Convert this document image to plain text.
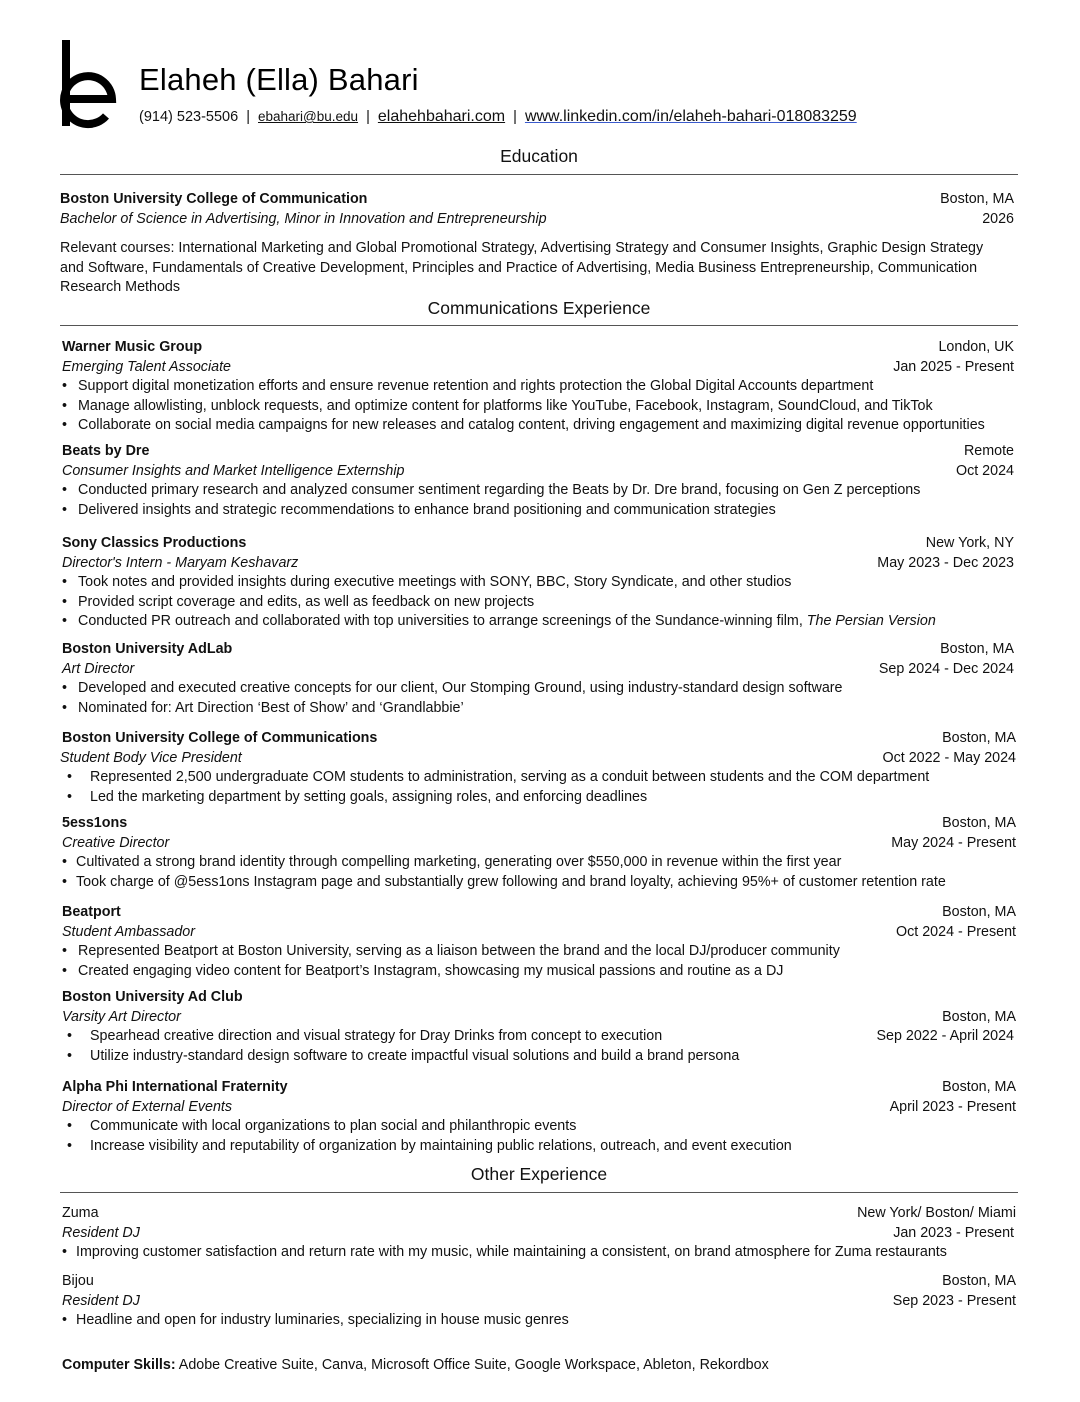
Elaheh (Ella) Bahari
(914) 523-5506 | ebahari@bu.edu | elahehbahari.com | www.linkedin.com/in/elaheh-bahari-018083259
Education
Boston University College of Communication	Boston, MA
Bachelor of Science in Advertising, Minor in Innovation and Entrepreneurship	2026
Relevant courses: International Marketing and Global Promotional Strategy, Advertising Strategy and Consumer Insights, Graphic Design Strategy
and Software, Fundamentals of Creative Development, Principles and Practice of Advertising, Media Business Entrepreneurship, Communication
Research Methods
Communications Experience
Warner Music Group	London, UK
Emerging Talent Associate	Jan 2025 - Present
• Support digital monetization efforts and ensure revenue retention and rights protection the Global Digital Accounts department
• Manage allowlisting, unblock requests, and optimize content for platforms like YouTube, Facebook, Instagram, SoundCloud, and TikTok
• Collaborate on social media campaigns for new releases and catalog content, driving engagement and maximizing digital revenue opportunities
Beats by Dre	Remote
Consumer Insights and Market Intelligence Externship	Oct 2024
• Conducted primary research and analyzed consumer sentiment regarding the Beats by Dr. Dre brand, focusing on Gen Z perceptions
• Delivered insights and strategic recommendations to enhance brand positioning and communication strategies
Sony Classics Productions	New York, NY
Director's Intern - Maryam Keshavarz	May 2023 - Dec 2023
• Took notes and provided insights during executive meetings with SONY, BBC, Story Syndicate, and other studios
• Provided script coverage and edits, as well as feedback on new projects
• Conducted PR outreach and collaborated with top universities to arrange screenings of the Sundance-winning film, The Persian Version
Boston University AdLab	Boston, MA
Art Director	Sep 2024 - Dec 2024
• Developed and executed creative concepts for our client, Our Stomping Ground, using industry-standard design software
• Nominated for: Art Direction ‘Best of Show’ and ‘Grandlabbie’
Boston University College of Communications	Boston, MA
Student Body Vice President	Oct 2022 - May 2024
• Represented 2,500 undergraduate COM students to administration, serving as a conduit between students and the COM department
• Led the marketing department by setting goals, assigning roles, and enforcing deadlines
5ess1ons	Boston, MA
Creative Director	May 2024 - Present
• Cultivated a strong brand identity through compelling marketing, generating over $550,000 in revenue within the first year
• Took charge of @5ess1ons Instagram page and substantially grew following and brand loyalty, achieving 95%+ of customer retention rate
Beatport	Boston, MA
Student Ambassador	Oct 2024 - Present
• Represented Beatport at Boston University, serving as a liaison between the brand and the local DJ/producer community
• Created engaging video content for Beatport’s Instagram, showcasing my musical passions and routine as a DJ
Boston University Ad Club
Varsity Art Director	Boston, MA
• Spearhead creative direction and visual strategy for Dray Drinks from concept to execution	Sep 2022 - April 2024
• Utilize industry-standard design software to create impactful visual solutions and build a brand persona
Alpha Phi International Fraternity	Boston, MA
Director of External Events	April 2023 - Present
• Communicate with local organizations to plan social and philanthropic events
• Increase visibility and reputability of organization by maintaining public relations, outreach, and event execution
Other Experience
Zuma	New York/ Boston/ Miami
Resident DJ	Jan 2023 - Present
• Improving customer satisfaction and return rate with my music, while maintaining a consistent, on brand atmosphere for Zuma restaurants
Bijou	Boston, MA
Resident DJ	Sep 2023 - Present
• Headline and open for industry luminaries, specializing in house music genres
Computer Skills: Adobe Creative Suite, Canva, Microsoft Office Suite, Google Workspace, Ableton, Rekordbox
